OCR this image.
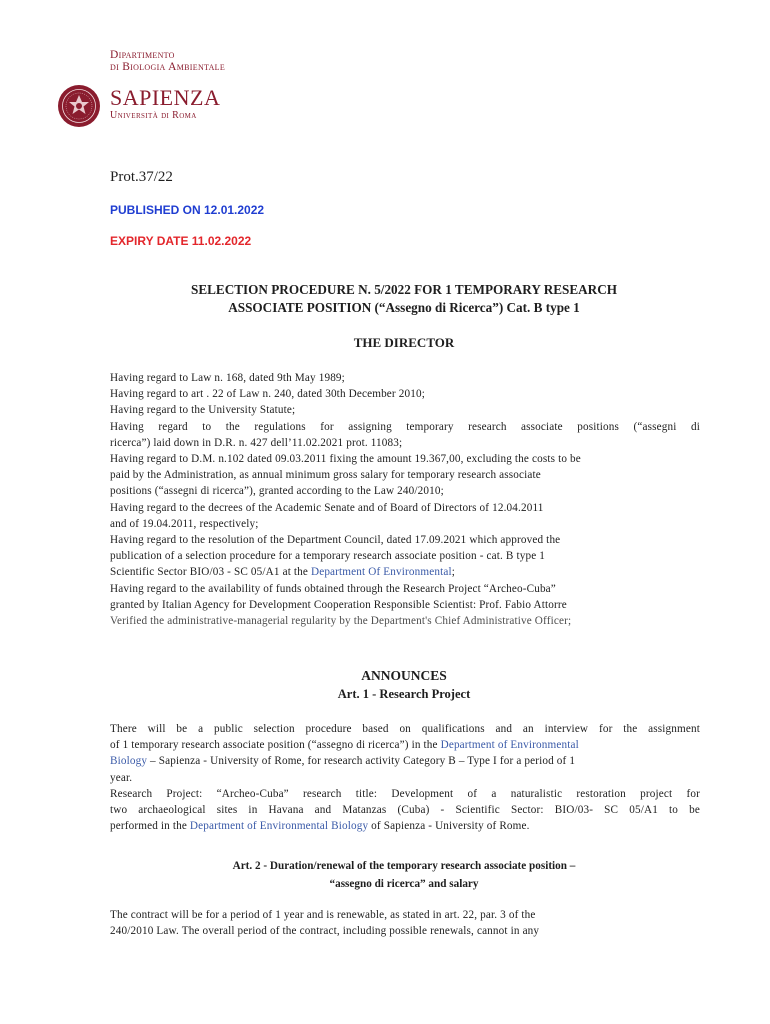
Dipartimento
di Biologia Ambientale
SAPIENZA
Università di Roma
Prot.37/22
PUBLISHED ON 12.01.2022
EXPIRY DATE 11.02.2022
SELECTION PROCEDURE N. 5/2022 FOR 1 TEMPORARY RESEARCH
ASSOCIATE POSITION (“Assegno di Ricerca”) Cat. B type 1
THE DIRECTOR
Having regard to Law n. 168, dated 9th May 1989;
Having regard to art . 22 of Law n. 240, dated 30th December 2010;
Having regard to the University Statute;
Having regard to the regulations for assigning temporary research associate positions (“assegni di
ricerca”) laid down in D.R. n. 427 dell’11.02.2021 prot. 11083;
Having regard to D.M. n.102 dated 09.03.2011 fixing the amount 19.367,00, excluding the costs to be
paid by the Administration, as annual minimum gross salary for temporary research associate
positions (“assegni di ricerca”), granted according to the Law 240/2010;
Having regard to the decrees of the Academic Senate and of Board of Directors of 12.04.2011
and of 19.04.2011, respectively;
Having regard to the resolution of the Department Council, dated 17.09.2021 which approved the
publication of a selection procedure for a temporary research associate position - cat. B type 1
Scientific Sector BIO/03 - SC 05/A1 at the Department Of Environmental;
Having regard to the availability of funds obtained through the Research Project “Archeo-Cuba”
granted by Italian Agency for Development Cooperation Responsible Scientist: Prof. Fabio Attorre
Verified the administrative-managerial regularity by the Department's Chief Administrative Officer;
ANNOUNCES
Art. 1 - Research Project
There will be a public selection procedure based on qualifications and an interview for the assignment
of 1 temporary research associate position (“assegno di ricerca”) in the Department of Environmental
Biology – Sapienza - University of Rome, for research activity Category B – Type I for a period of 1
year.
Research Project: “Archeo-Cuba” research title: Development of a naturalistic restoration project for
two archaeological sites in Havana and Matanzas (Cuba) - Scientific Sector: BIO/03- SC 05/A1 to be
performed in the Department of Environmental Biology of Sapienza - University of Rome.
Art. 2 - Duration/renewal of the temporary research associate position –
“assegno di ricerca” and salary
The contract will be for a period of 1 year and is renewable, as stated in art. 22, par. 3 of the
240/2010 Law. The overall period of the contract, including possible renewals, cannot in any
